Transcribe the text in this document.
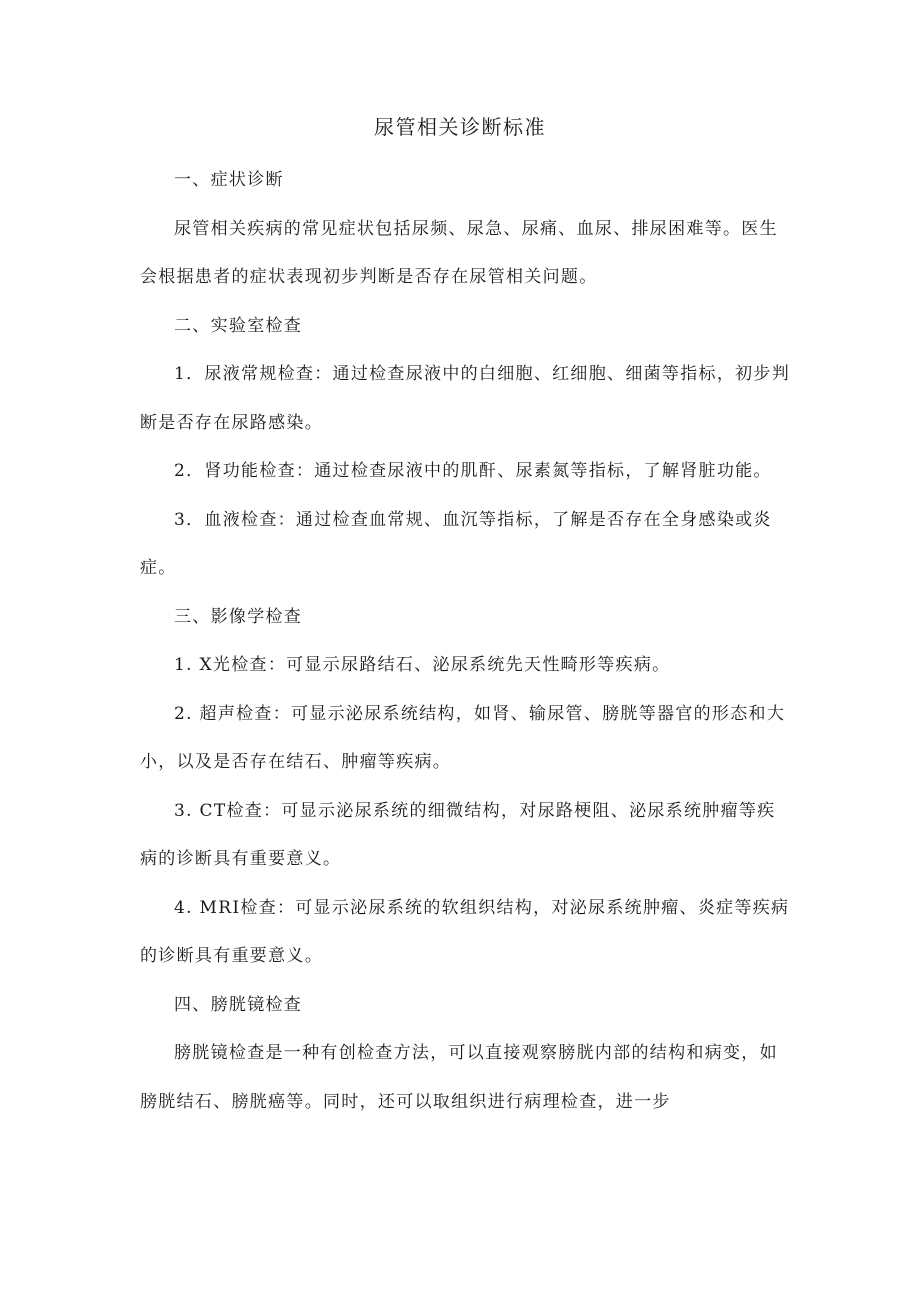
尿管相关诊断标准

一、症状诊断

尿管相关疾病的常见症状包括尿频、尿急、尿痛、血尿、排尿困难等。医生会根据患者的症状表现初步判断是否存在尿管相关问题。

二、实验室检查

1．尿液常规检查：通过检查尿液中的白细胞、红细胞、细菌等指标，初步判断是否存在尿路感染。

2．肾功能检查：通过检查尿液中的肌酐、尿素氮等指标，了解肾脏功能。

3．血液检查：通过检查血常规、血沉等指标，了解是否存在全身感染或炎症。

三、影像学检查

1. X光检查：可显示尿路结石、泌尿系统先天性畸形等疾病。

2. 超声检查：可显示泌尿系统结构，如肾、输尿管、膀胱等器官的形态和大小，以及是否存在结石、肿瘤等疾病。

3. CT检查：可显示泌尿系统的细微结构，对尿路梗阻、泌尿系统肿瘤等疾病的诊断具有重要意义。

4. MRI检查：可显示泌尿系统的软组织结构，对泌尿系统肿瘤、炎症等疾病的诊断具有重要意义。

四、膀胱镜检查

膀胱镜检查是一种有创检查方法，可以直接观察膀胱内部的结构和病变，如膀胱结石、膀胱癌等。同时，还可以取组织进行病理检查，进一步
